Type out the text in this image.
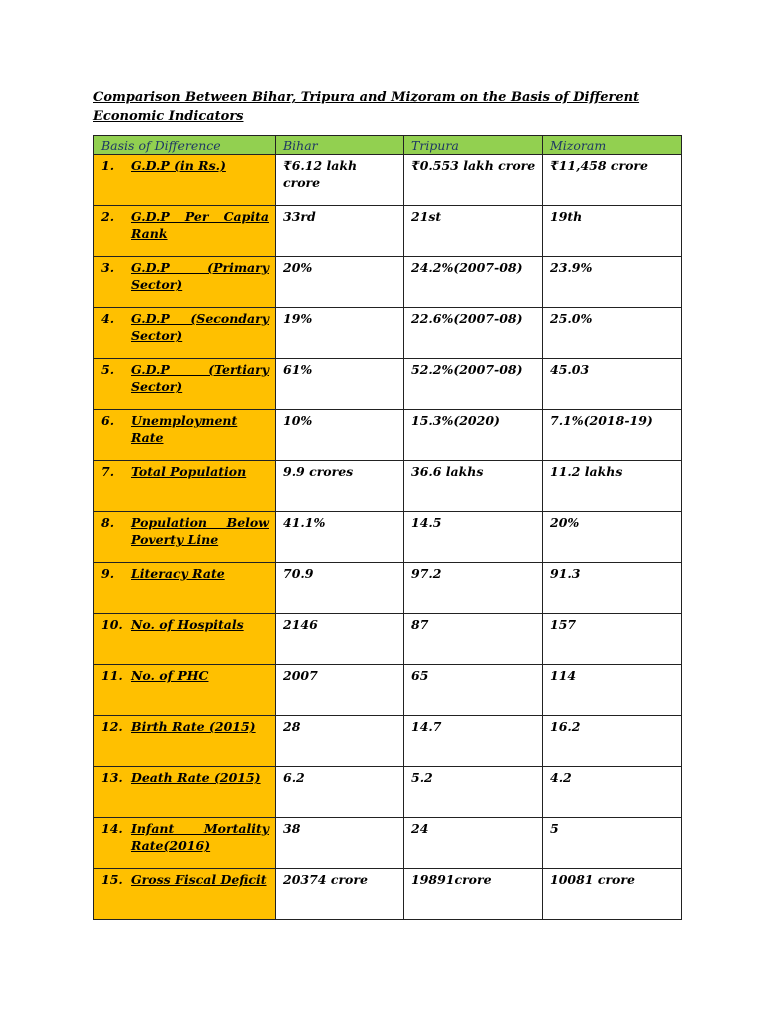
Comparison Between Bihar, Tripura and Mizoram on the Basis of Different Economic Indicators
Basis of Difference	Bihar	Tripura	Mizoram

1. G.D.P (in Rs.)	₹6.12 lakh crore	₹0.553 lakh crore	₹11,458 crore

2. G.D.P Per Capita Rank	33rd	21st	19th

3. G.D.P (Primary Sector)	20%	24.2%(2007-08)	23.9%

4. G.D.P (Secondary Sector)	19%	22.6%(2007-08)	25.0%

5. G.D.P (Tertiary Sector)	61%	52.2%(2007-08)	45.03

6. Unemployment Rate	10%	15.3%(2020)	7.1%(2018-19)

7. Total Population	9.9 crores	36.6 lakhs	11.2 lakhs

8. Population Below Poverty Line	41.1%	14.5	20%

9. Literacy Rate	70.9	97.2	91.3

10. No. of Hospitals	2146	87	157

11. No. of PHC	2007	65	114

12. Birth Rate (2015)	28	14.7	16.2

13. Death Rate (2015)	6.2	5.2	4.2

14. Infant Mortality Rate(2016)	38	24	5

15. Gross Fiscal Deficit	20374 crore	19891crore	10081 crore
